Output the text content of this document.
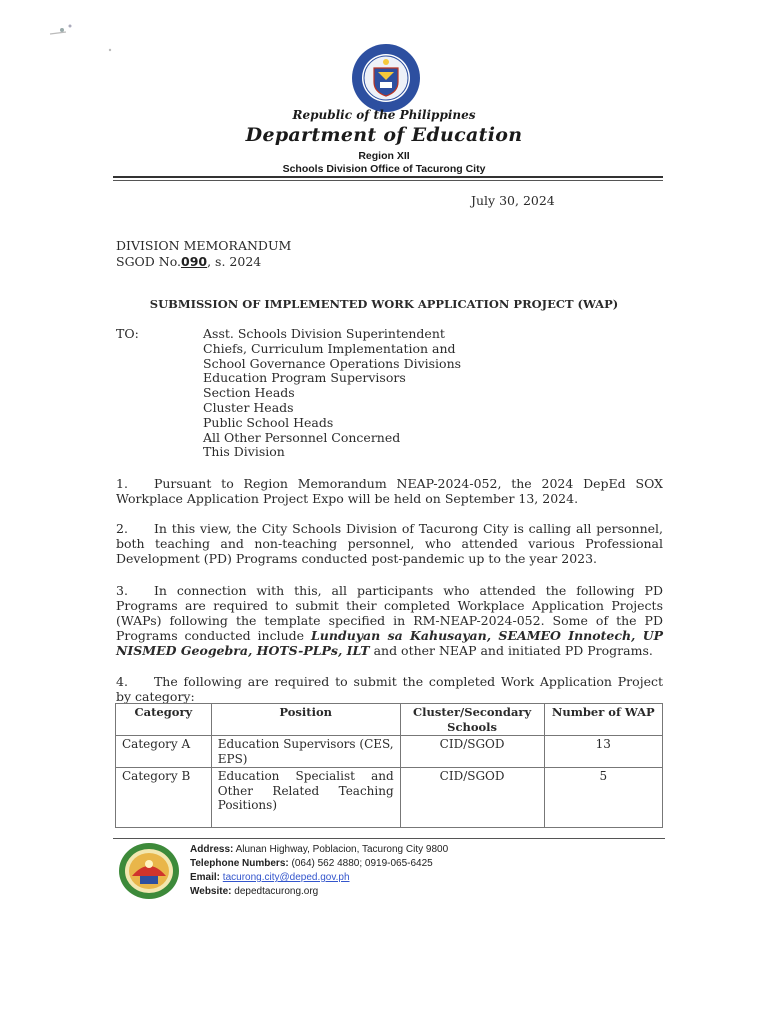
Republic of the Philippines
Department of Education
Region XII
Schools Division Office of Tacurong City
July 30, 2024
DIVISION MEMORANDUM
SGOD No.090, s. 2024
SUBMISSION OF IMPLEMENTED WORK APPLICATION PROJECT (WAP)
TO:	Asst. Schools Division Superintendent
Chiefs, Curriculum Implementation and
School Governance Operations Divisions
Education Program Supervisors
Section Heads
Cluster Heads
Public School Heads
All Other Personnel Concerned
This Division
1. Pursuant to Region Memorandum NEAP-2024-052, the 2024 DepEd SOX Workplace Application Project Expo will be held on September 13, 2024.
2. In this view, the City Schools Division of Tacurong City is calling all personnel, both teaching and non-teaching personnel, who attended various Professional Development (PD) Programs conducted post-pandemic up to the year 2023.
3. In connection with this, all participants who attended the following PD Programs are required to submit their completed Workplace Application Projects (WAPs) following the template specified in RM-NEAP-2024-052. Some of the PD Programs conducted include Lunduyan sa Kahusayan, SEAMEO Innotech, UP NISMED Geogebra, HOTS-PLPs, ILT and other NEAP and initiated PD Programs.
4. The following are required to submit the completed Work Application Project by category:
Category	Position	Cluster/Secondary Schools	Number of WAP
Category A	Education Supervisors (CES, EPS)	CID/SGOD	13
Category B	Education Specialist and Other Related Teaching Positions)	CID/SGOD	5
Address: Alunan Highway, Poblacion, Tacurong City 9800
Telephone Numbers: (064) 562 4880; 0919-065-6425
Email: tacurong.city@deped.gov.ph
Website: depedtacurong.org
